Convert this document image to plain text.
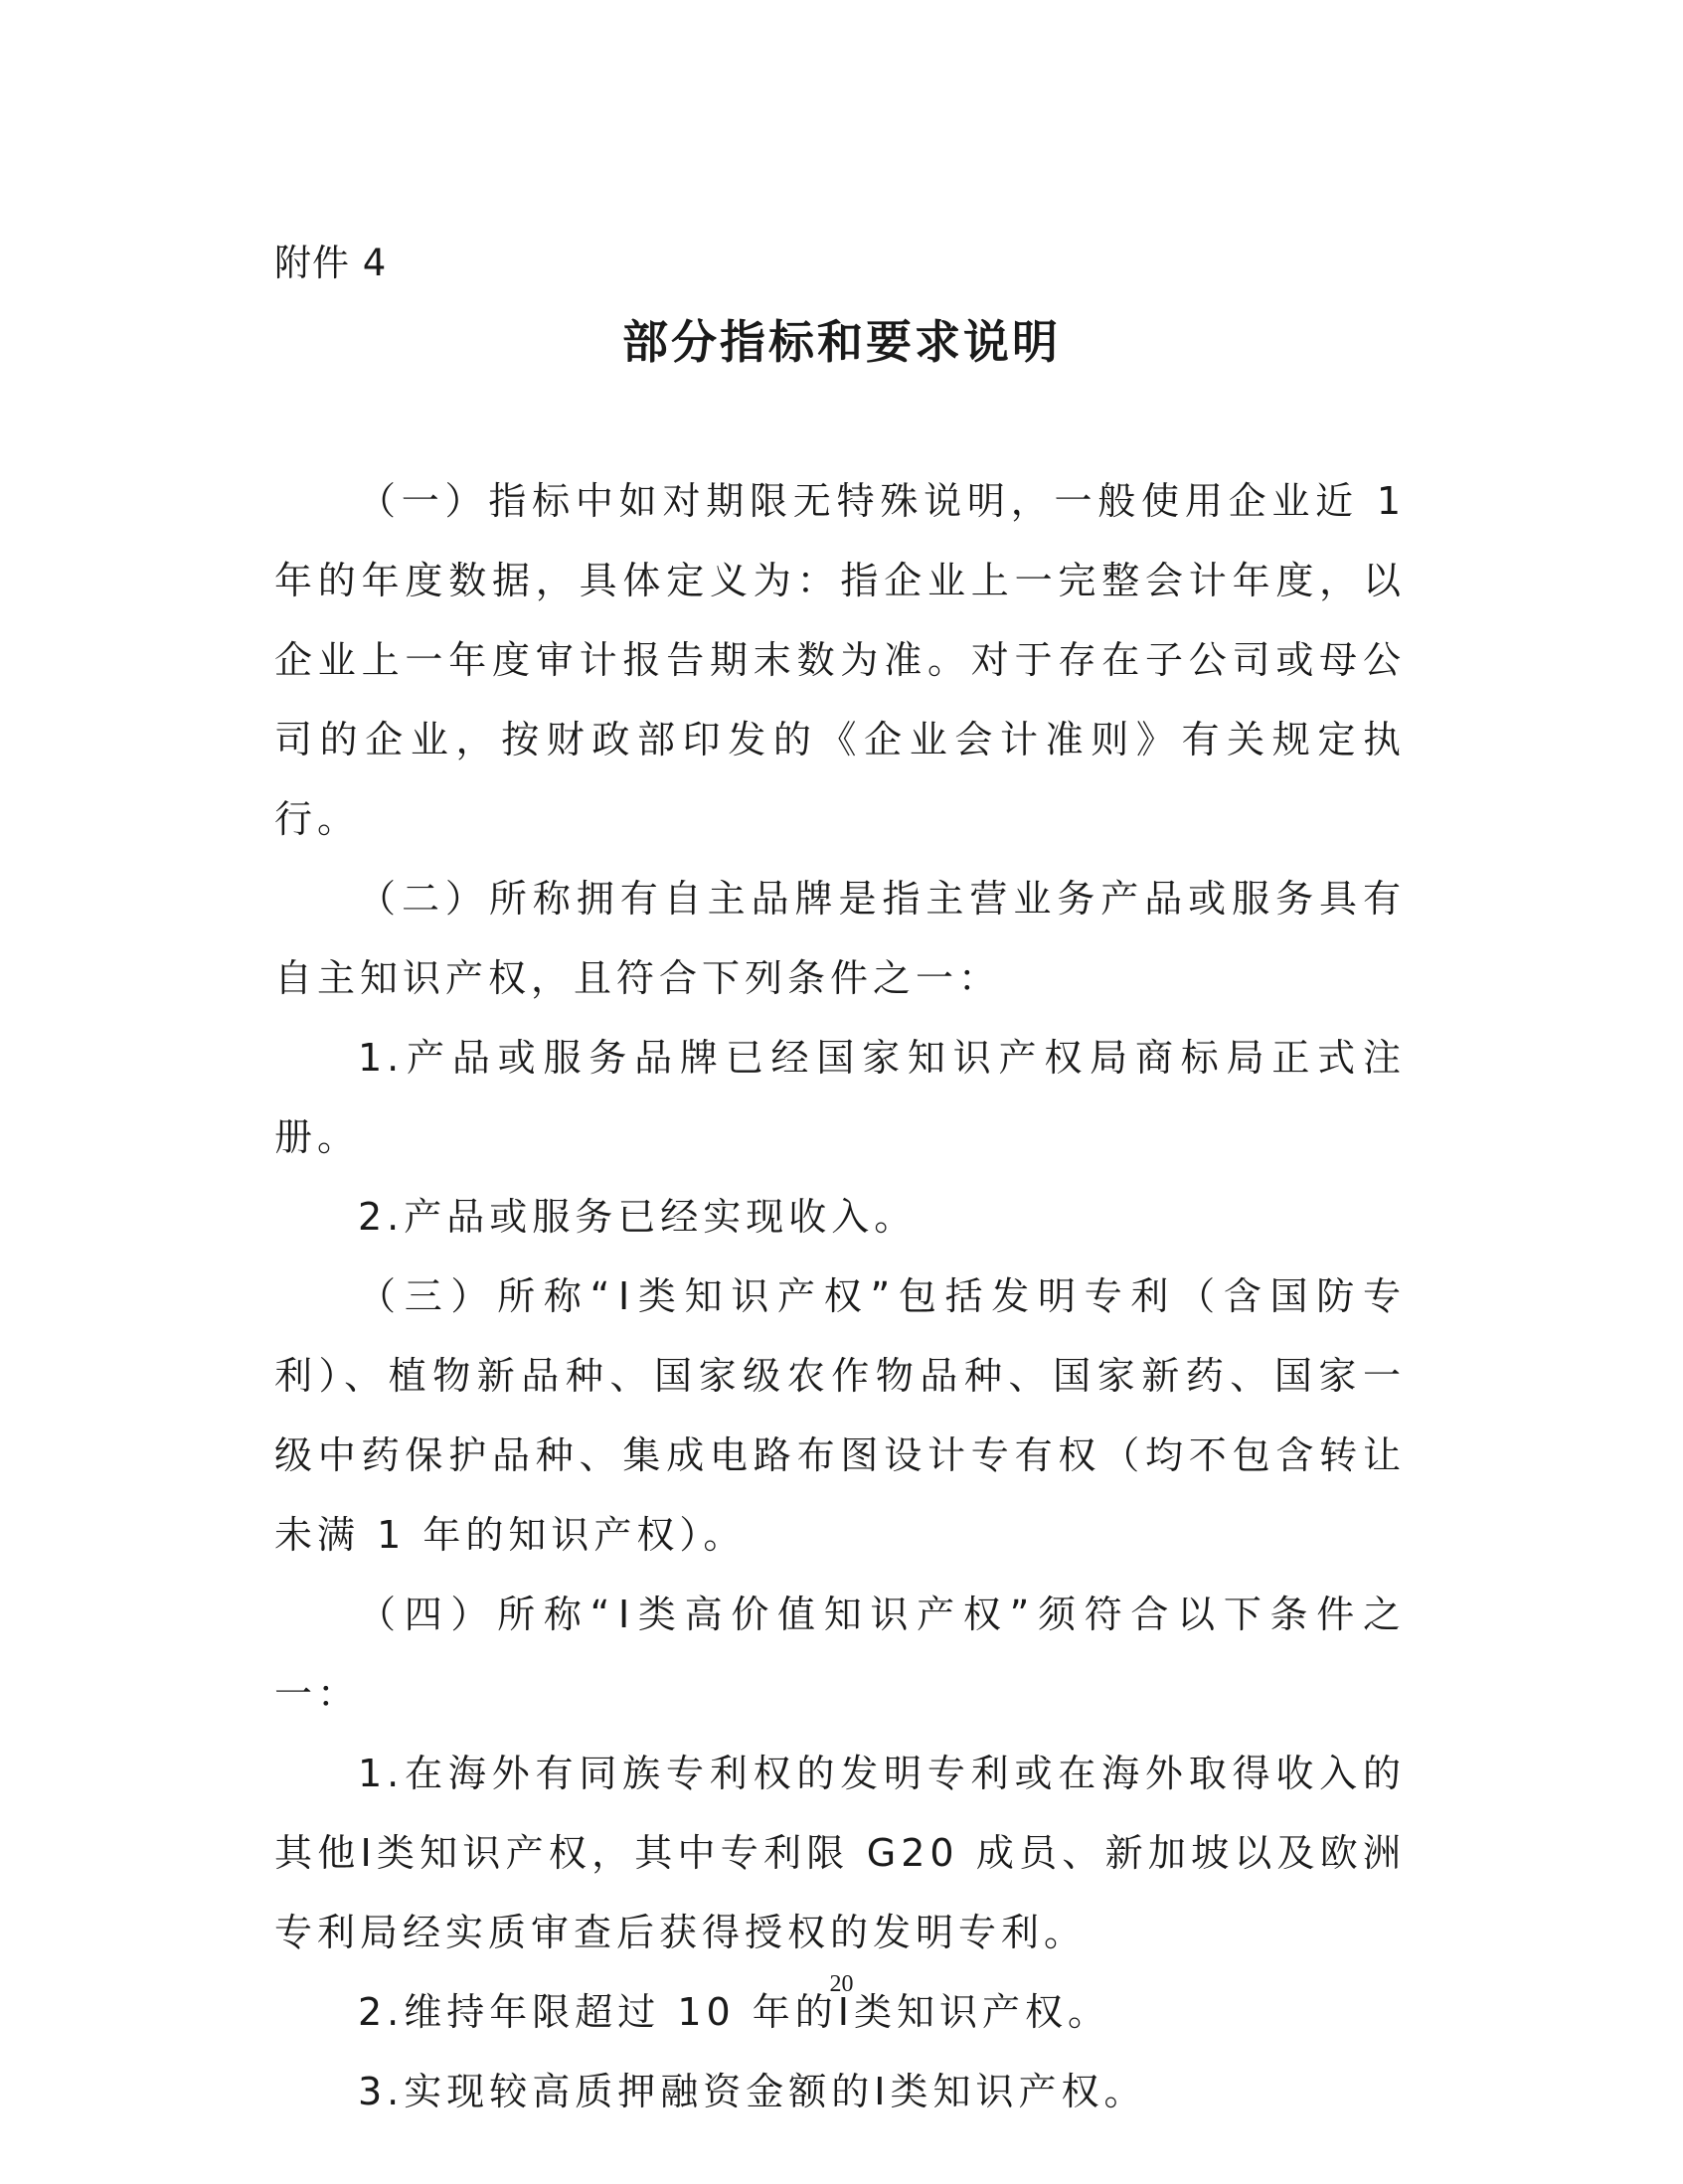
附件 4
部分指标和要求说明

（一）指标中如对期限无特殊说明，一般使用企业近 1 年的年度数据，具体定义为：指企业上一完整会计年度，以企业上一年度审计报告期末数为准。对于存在子公司或母公司的企业，按财政部印发的《企业会计准则》有关规定执行。

（二）所称拥有自主品牌是指主营业务产品或服务具有自主知识产权，且符合下列条件之一：

1.产品或服务品牌已经国家知识产权局商标局正式注册。

2.产品或服务已经实现收入。

（三）所称“Ⅰ类知识产权”包括发明专利（含国防专利）、植物新品种、国家级农作物品种、国家新药、国家一级中药保护品种、集成电路布图设计专有权（均不包含转让未满 1 年的知识产权）。

（四）所称“Ⅰ类高价值知识产权”须符合以下条件之一：

1.在海外有同族专利权的发明专利或在海外取得收入的其他Ⅰ类知识产权，其中专利限 G20 成员、新加坡以及欧洲专利局经实质审查后获得授权的发明专利。

2.维持年限超过 10 年的Ⅰ类知识产权。

3.实现较高质押融资金额的Ⅰ类知识产权。

20
